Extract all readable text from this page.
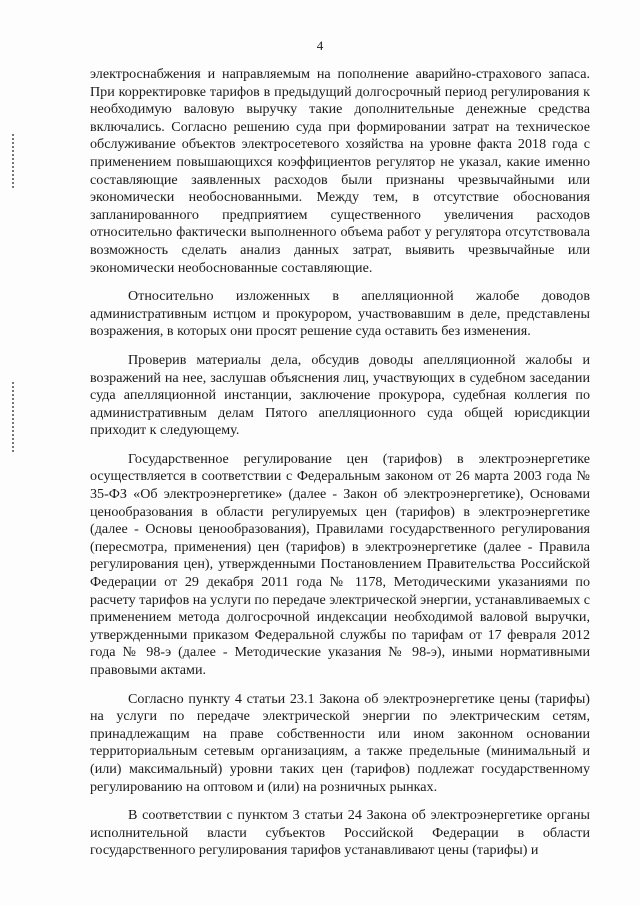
4

электроснабжения и направляемым на пополнение аварийно-страхового запаса. При корректировке тарифов в предыдущий долгосрочный период регулирования к необходимую валовую выручку такие дополнительные денежные средства включались. Согласно решению суда при формировании затрат на техническое обслуживание объектов электросетевого хозяйства на уровне факта 2018 года с применением повышающихся коэффициентов регулятор не указал, какие именно составляющие заявленных расходов были признаны чрезвычайными или экономически необоснованными. Между тем, в отсутствие обоснования запланированного предприятием существенного увеличения расходов относительно фактически выполненного объема работ у регулятора отсутствовала возможность сделать анализ данных затрат, выявить чрезвычайные или экономически необоснованные составляющие.

Относительно изложенных в апелляционной жалобе доводов административным истцом и прокурором, участвовавшим в деле, представлены возражения, в которых они просят решение суда оставить без изменения.

Проверив материалы дела, обсудив доводы апелляционной жалобы и возражений на нее, заслушав объяснения лиц, участвующих в судебном заседании суда апелляционной инстанции, заключение прокурора, судебная коллегия по административным делам Пятого апелляционного суда общей юрисдикции приходит к следующему.

Государственное регулирование цен (тарифов) в электроэнергетике осуществляется в соответствии с Федеральным законом от 26 марта 2003 года № 35-ФЗ «Об электроэнергетике» (далее - Закон об электроэнергетике), Основами ценообразования в области регулируемых цен (тарифов) в электроэнергетике (далее - Основы ценообразования), Правилами государственного регулирования (пересмотра, применения) цен (тарифов) в электроэнергетике (далее - Правила регулирования цен), утвержденными Постановлением Правительства Российской Федерации от 29 декабря 2011 года № 1178, Методическими указаниями по расчету тарифов на услуги по передаче электрической энергии, устанавливаемых с применением метода долгосрочной индексации необходимой валовой выручки, утвержденными приказом Федеральной службы по тарифам от 17 февраля 2012 года № 98-э (далее - Методические указания № 98-э), иными нормативными правовыми актами.

Согласно пункту 4 статьи 23.1 Закона об электроэнергетике цены (тарифы) на услуги по передаче электрической энергии по электрическим сетям, принадлежащим на праве собственности или ином законном основании территориальным сетевым организациям, а также предельные (минимальный и (или) максимальный) уровни таких цен (тарифов) подлежат государственному регулированию на оптовом и (или) на розничных рынках.

В соответствии с пунктом 3 статьи 24 Закона об электроэнергетике органы исполнительной власти субъектов Российской Федерации в области государственного регулирования тарифов устанавливают цены (тарифы) и
